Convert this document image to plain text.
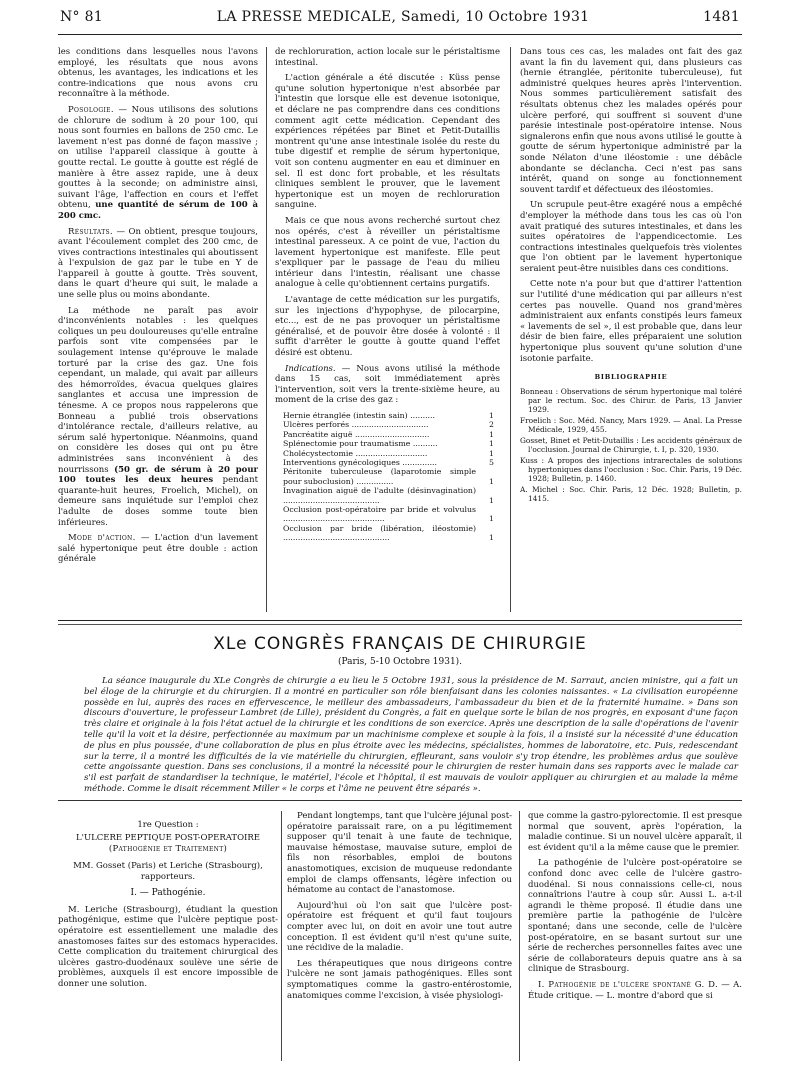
N° 81	LA PRESSE MEDICALE, Samedi, 10 Octobre 1931	1481

les conditions dans lesquelles nous l'avons employé, les résultats que nous avons obtenus, les avantages, les indications et les contre-indications que nous avons cru reconnaître à la méthode.

Posologie. — Nous utilisons des solutions de chlorure de sodium à 20 pour 100, qui nous sont fournies en ballons de 250 cmc. Le lavement n'est pas donné de façon massive ; on utilise l'appareil classique à goutte à goutte rectal. Le goutte à goutte est réglé de manière à être assez rapide, une à deux gouttes à la seconde; on administre ainsi, suivant l'âge, l'affection en cours et l'effet obtenu, une quantité de sérum de 100 à 200 cmc.

Résultats. — On obtient, presque toujours, avant l'écoulement complet des 200 cmc, de vives contractions intestinales qui aboutissent à l'expulsion de gaz par le tube en Y de l'appareil à goutte à goutte. Très souvent, dans le quart d'heure qui suit, le malade a une selle plus ou moins abondante.

La méthode ne paraît pas avoir d'inconvénients notables : les quelques coliques un peu douloureuses qu'elle entraîne parfois sont vite compensées par le soulagement intense qu'éprouve le malade torturé par la crise des gaz. Une fois cependant, un malade, qui avait par ailleurs des hémorroïdes, évacua quelques glaires sanglantes et accusa une impression de ténesme. A ce propos nous rappelerons que Bonneau a publié trois observations d'intolérance rectale, d'ailleurs relative, au sérum salé hypertonique. Néanmoins, quand on considère les doses qui ont pu être administrées sans inconvénient à des nourrissons (50 gr. de sérum à 20 pour 100 toutes les deux heures pendant quarante-huit heures, Froelich, Michel), on demeure sans inquiétude sur l'emploi chez l'adulte de doses somme toute bien inférieures.

Mode d'action. — L'action d'un lavement salé hypertonique peut être double : action générale

de rechloruration, action locale sur le péristaltisme intestinal.

L'action générale a été discutée : Küss pense qu'une solution hypertonique n'est absorbée par l'intestin que lorsque elle est devenue isotonique, et déclare ne pas comprendre dans ces conditions comment agit cette médication. Cependant des expériences répétées par Binet et Petit-Dutaillis montrent qu'une anse intestinale isolée du reste du tube digestif et remplie de sérum hypertonique, voit son contenu augmenter en eau et diminuer en sel. Il est donc fort probable, et les résultats cliniques semblent le prouver, que le lavement hypertonique est un moyen de rechloruration sanguine.

Mais ce que nous avons recherché surtout chez nos opérés, c'est à réveiller un péristaltisme intestinal paresseux. A ce point de vue, l'action du lavement hypertonique est manifeste. Elle peut s'expliquer par le passage de l'eau du milieu intérieur dans l'intestin, réalisant une chasse analogue à celle qu'obtiennent certains purgatifs.

L'avantage de cette médication sur les purgatifs, sur les injections d'hypophyse, de pilocarpine, etc..., est de ne pas provoquer un péristaltisme généralisé, et de pouvoir être dosée à volonté : il suffit d'arrêter le goutte à goutte quand l'effet désiré est obtenu.

Indications. — Nous avons utilisé la méthode dans 15 cas, soit immédiatement après l'intervention, soit vers la trente-sixième heure, au moment de la crise des gaz :

Hernie étranglée (intestin sain) ..........	1
Ulcères perforés ...............................	2
Pancréatite aiguë ..............................	1
Splénectomie pour traumatisme ..........	1
Cholécystectomie .............................	1
Interventions gynécologiques ..............	5
Péritonite tuberculeuse (laparotomie simple pour suboclusion) ...............	1
Invagination aiguë de l'adulte (désinvagination) .......................................	1
Occlusion post-opératoire par bride et volvulus .........................................	1
Occlusion par bride (libération, iléostomie) ...........................................	1

Dans tous ces cas, les malades ont fait des gaz avant la fin du lavement qui, dans plusieurs cas (hernie étranglée, péritonite tuberculeuse), fut administré quelques heures après l'intervention. Nous sommes particulièrement satisfait des résultats obtenus chez les malades opérés pour ulcère perforé, qui souffrent si souvent d'une parésie intestinale post-opératoire intense. Nous signalerons enfin que nous avons utilisé le goutte à goutte de sérum hypertonique administré par la sonde Nélaton d'une iléostomie : une débâcle abondante se déclancha. Ceci n'est pas sans intérêt, quand on songe au fonctionnement souvent tardif et défectueux des iléostomies.

Un scrupule peut-être exagéré nous a empêché d'employer la méthode dans tous les cas où l'on avait pratiqué des sutures intestinales, et dans les suites opératoires de l'appendicectomie. Les contractions intestinales quelquefois très violentes que l'on obtient par le lavement hypertonique seraient peut-être nuisibles dans ces conditions.

Cette note n'a pour but que d'attirer l'attention sur l'utilité d'une médication qui par ailleurs n'est certes pas nouvelle. Quand nos grand'mères administraient aux enfants constipés leurs fameux « lavements de sel », il est probable que, dans leur désir de bien faire, elles préparaient une solution hypertonique plus souvent qu'une solution d'une isotonie parfaite.

BIBLIOGRAPHIE

Bonneau : Observations de sérum hypertonique mal toléré par le rectum. Soc. des Chirur. de Paris, 13 Janvier 1929.

Froelich : Soc. Méd. Nancy, Mars 1929. — Anal. La Presse Médicale, 1929, 455.

Gosset, Binet et Petit-Dutaillis : Les accidents généraux de l'occlusion. Journal de Chirurgie, t. I, p. 320, 1930.

Kuss : A propos des injections intrarectales de solutions hypertoniques dans l'occlusion : Soc. Chir. Paris, 19 Déc. 1928; Bulletin, p. 1460.

A. Michel : Soc. Chir. Paris, 12 Déc. 1928; Bulletin, p. 1415.

XLe CONGRÈS FRANÇAIS DE CHIRURGIE
(Paris, 5-10 Octobre 1931).
La séance inaugurale du XLe Congrès de chirurgie a eu lieu le 5 Octobre 1931, sous la présidence de M. Sarraut, ancien ministre, qui a fait un bel éloge de la chirurgie et du chirurgien. Il a montré en particulier son rôle bienfaisant dans les colonies naissantes. « La civilisation européenne possède en lui, auprès des races en effervescence, le meilleur des ambassadeurs, l'ambassadeur du bien et de la fraternité humaine. » Dans son discours d'ouverture, le professeur Lambret (de Lille), président du Congrès, a fait en quelque sorte le bilan de nos progrès, en exposant d'une façon très claire et originale à la fois l'état actuel de la chirurgie et les conditions de son exercice. Après une description de la salle d'opérations de l'avenir telle qu'il la voit et la désire, perfectionnée au maximum par un machinisme complexe et souple à la fois, il a insisté sur la nécessité d'une éducation de plus en plus poussée, d'une collaboration de plus en plus étroite avec les médecins, spécialistes, hommes de laboratoire, etc. Puis, redescendant sur la terre, il a montré les difficultés de la vie matérielle du chirurgien, effleurant, sans vouloir s'y trop étendre, les problèmes ardus que soulève cette angoissante question. Dans ses conclusions, il a montré la nécessité pour le chirurgien de rester humain dans ses rapports avec le malade car s'il est parfait de standardiser la technique, le matériel, l'école et l'hôpital, il est mauvais de vouloir appliquer au chirurgien et au malade la même méthode. Comme le disait récemment Miller « le corps et l'âme ne peuvent être séparés ».
1re Question :
L'ULCERE PEPTIQUE POST-OPERATOIRE
(Pathogénie et Traitement)

MM. Gosset (Paris) et Leriche (Strasbourg), rapporteurs.

I. — Pathogénie.

M. Leriche (Strasbourg), étudiant la question pathogénique, estime que l'ulcère peptique post-opératoire est essentiellement une maladie des anastomoses faites sur des estomacs hyperacides. Cette complication du traitement chirurgical des ulcères gastro-duodénaux soulève une série de problèmes, auxquels il est encore impossible de donner une solution.

Pendant longtemps, tant que l'ulcère jéjunal post-opératoire paraissait rare, on a pu légitimement supposer qu'il tenait à une faute de technique, mauvaise hémostase, mauvaise suture, emploi de fils non résorbables, emploi de boutons anastomotiques, excision de muqueuse redondante emploi de clamps offensants, légère infection ou hématome au contact de l'anastomose.

Aujourd'hui où l'on sait que l'ulcère post-opératoire est fréquent et qu'il faut toujours compter avec lui, on doit en avoir une tout autre conception. Il est évident qu'il n'est qu'une suite, une récidive de la maladie.

Les thérapeutiques que nous dirigeons contre l'ulcère ne sont jamais pathogéniques. Elles sont symptomatiques comme la gastro-entérostomie, anatomiques comme l'excision, à visée physiologi-

que comme la gastro-pylorectomie. Il est presque normal que souvent, après l'opération, la maladie continue. Si un nouvel ulcère apparaît, il est évident qu'il a la même cause que le premier.

La pathogénie de l'ulcère post-opératoire se confond donc avec celle de l'ulcère gastro-duodénal. Si nous connaissions celle-ci, nous connaîtrions l'autre à coup sûr. Aussi L. a-t-il agrandi le thème proposé. Il étudie dans une première partie la pathogénie de l'ulcère spontané; dans une seconde, celle de l'ulcère post-opératoire, en se basant surtout sur une série de recherches personnelles faites avec une série de collaborateurs depuis quatre ans à sa clinique de Strasbourg.

I. Pathogénie de l'ulcère spontané G. D. — A. Étude critique. — L. montre d'abord que si
